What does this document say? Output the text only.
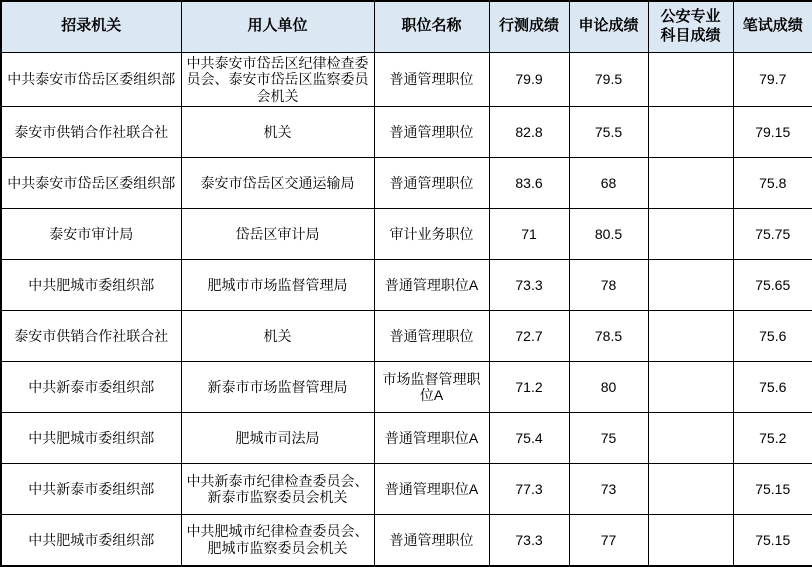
招录机关	用人单位	职位名称	行测成绩	申论成绩	公安专业科目成绩	笔试成绩
中共泰安市岱岳区委组织部	中共泰安市岱岳区纪律检查委员会、泰安市岱岳区监察委员会机关	普通管理职位	79.9	79.5		79.7
泰安市供销合作社联合社	机关	普通管理职位	82.8	75.5		79.15
中共泰安市岱岳区委组织部	泰安市岱岳区交通运输局	普通管理职位	83.6	68		75.8
泰安市审计局	岱岳区审计局	审计业务职位	71	80.5		75.75
中共肥城市委组织部	肥城市市场监督管理局	普通管理职位A	73.3	78		75.65
泰安市供销合作社联合社	机关	普通管理职位	72.7	78.5		75.6
中共新泰市委组织部	新泰市市场监督管理局	市场监督管理职位A	71.2	80		75.6
中共肥城市委组织部	肥城市司法局	普通管理职位A	75.4	75		75.2
中共新泰市委组织部	中共新泰市纪律检查委员会、新泰市监察委员会机关	普通管理职位A	77.3	73		75.15
中共肥城市委组织部	中共肥城市纪律检查委员会、肥城市监察委员会机关	普通管理职位	73.3	77		75.15
